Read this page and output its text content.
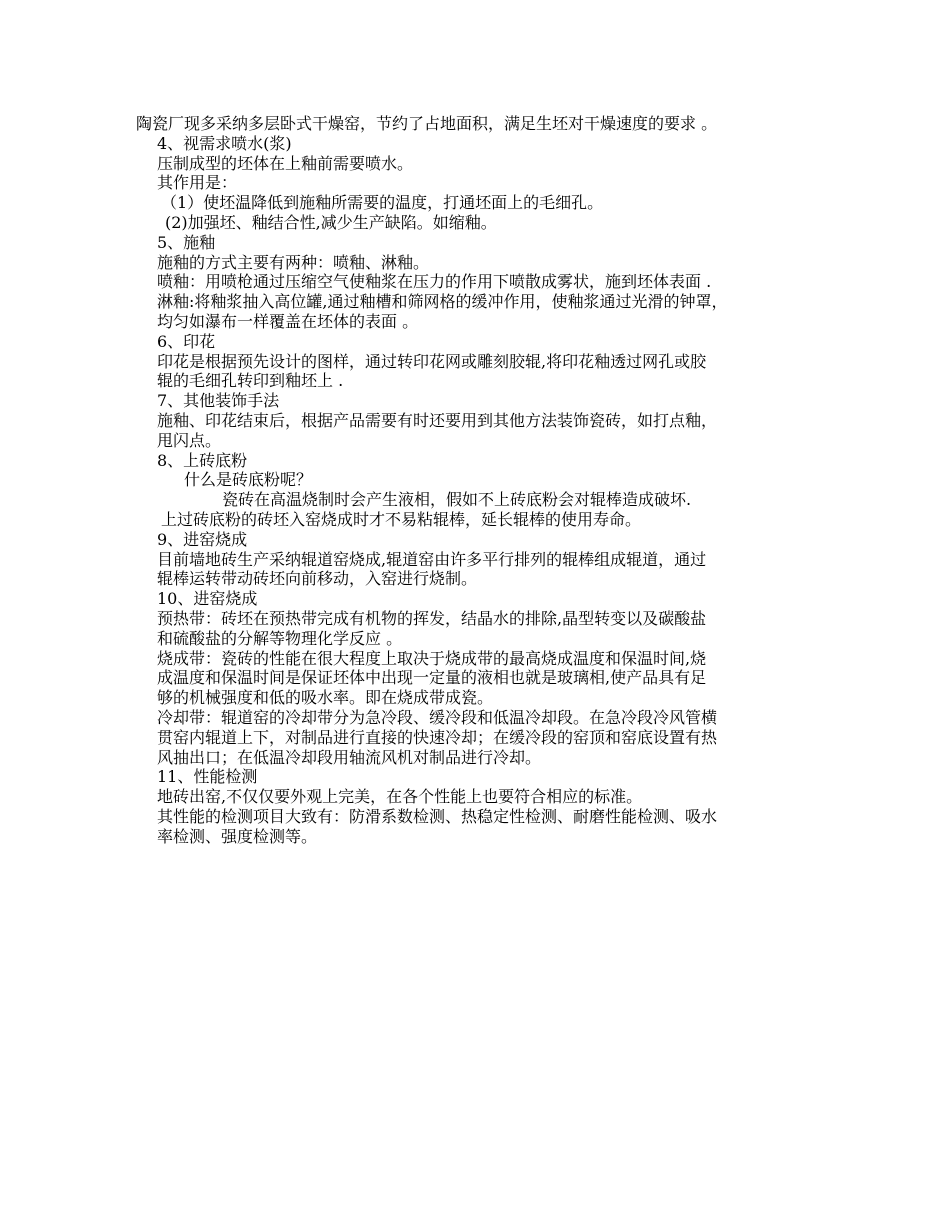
陶瓷厂现多采纳多层卧式干燥窑，节约了占地面积，满足生坯对干燥速度的要求 。
4、视需求喷水(浆)
压制成型的坯体在上釉前需要喷水。
其作用是：
（1）使坯温降低到施釉所需要的温度，打通坯面上的毛细孔。
(2)加强坯、釉结合性,减少生产缺陷。如缩釉。
5、施釉
施釉的方式主要有两种：喷釉、淋釉。
喷釉：用喷枪通过压缩空气使釉浆在压力的作用下喷散成雾状，施到坯体表面 .
淋釉:将釉浆抽入高位罐,通过釉槽和筛网格的缓冲作用，使釉浆通过光滑的钟罩，
均匀如瀑布一样覆盖在坯体的表面 。
6、印花
印花是根据预先设计的图样，通过转印花网或雕刻胶辊,将印花釉透过网孔或胶
辊的毛细孔转印到釉坯上 .
7、其他装饰手法
施釉、印花结束后，根据产品需要有时还要用到其他方法装饰瓷砖，如打点釉，
甩闪点。
8、上砖底粉
什么是砖底粉呢？
瓷砖在高温烧制时会产生液相，假如不上砖底粉会对辊棒造成破坏.
上过砖底粉的砖坯入窑烧成时才不易粘辊棒，延长辊棒的使用寿命。
9、进窑烧成
目前墙地砖生产采纳辊道窑烧成,辊道窑由许多平行排列的辊棒组成辊道，通过
辊棒运转带动砖坯向前移动，入窑进行烧制。
10、进窑烧成
预热带：砖坯在预热带完成有机物的挥发，结晶水的排除,晶型转变以及碳酸盐
和硫酸盐的分解等物理化学反应 。
烧成带：瓷砖的性能在很大程度上取决于烧成带的最高烧成温度和保温时间,烧
成温度和保温时间是保证坯体中出现一定量的液相也就是玻璃相,使产品具有足
够的机械强度和低的吸水率。即在烧成带成瓷。
冷却带：辊道窑的冷却带分为急冷段、缓冷段和低温冷却段。在急冷段冷风管横
贯窑内辊道上下，对制品进行直接的快速冷却；在缓冷段的窑顶和窑底设置有热
风抽出口；在低温冷却段用轴流风机对制品进行冷却。
11、性能检测
地砖出窑,不仅仅要外观上完美，在各个性能上也要符合相应的标准。
其性能的检测项目大致有：防滑系数检测、热稳定性检测、耐磨性能检测、吸水
率检测、强度检测等。
